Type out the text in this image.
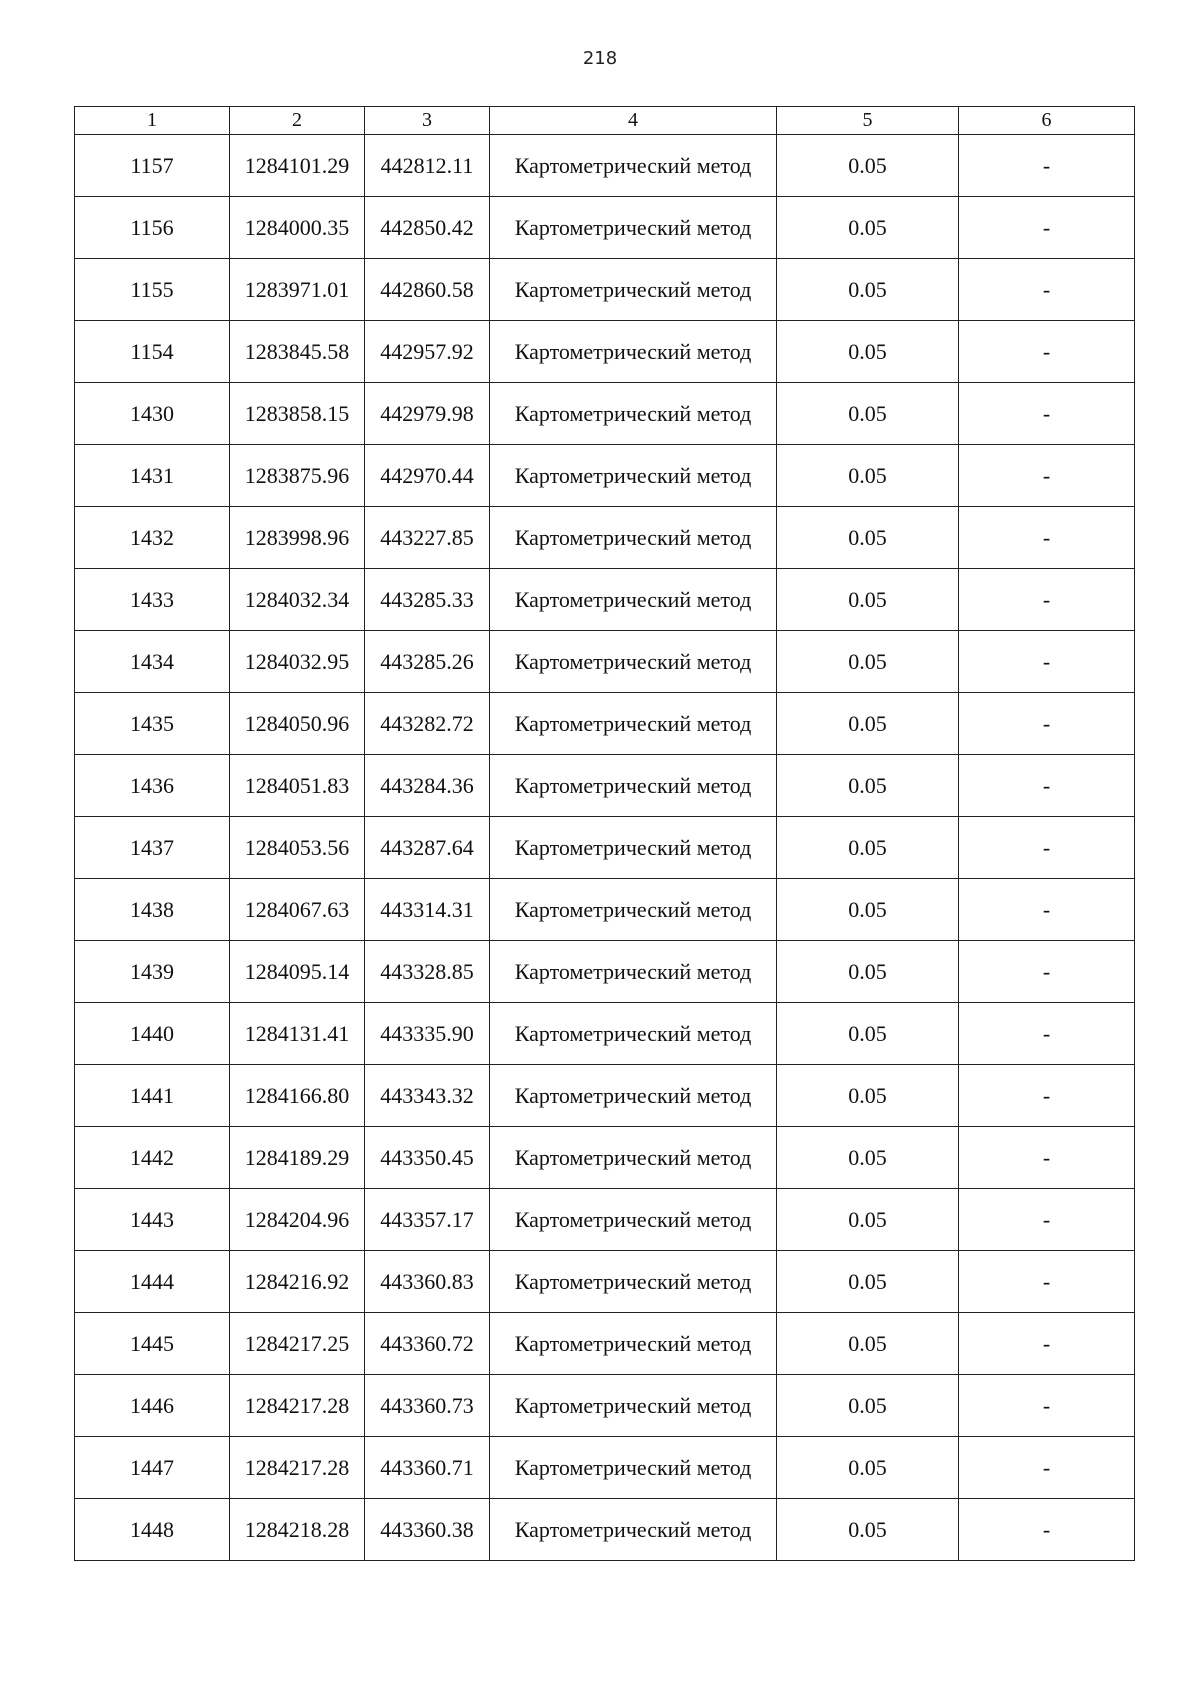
218
1	2	3	4	5	6
1157	1284101.29	442812.11	Картометрический метод	0.05	-
1156	1284000.35	442850.42	Картометрический метод	0.05	-
1155	1283971.01	442860.58	Картометрический метод	0.05	-
1154	1283845.58	442957.92	Картометрический метод	0.05	-
1430	1283858.15	442979.98	Картометрический метод	0.05	-
1431	1283875.96	442970.44	Картометрический метод	0.05	-
1432	1283998.96	443227.85	Картометрический метод	0.05	-
1433	1284032.34	443285.33	Картометрический метод	0.05	-
1434	1284032.95	443285.26	Картометрический метод	0.05	-
1435	1284050.96	443282.72	Картометрический метод	0.05	-
1436	1284051.83	443284.36	Картометрический метод	0.05	-
1437	1284053.56	443287.64	Картометрический метод	0.05	-
1438	1284067.63	443314.31	Картометрический метод	0.05	-
1439	1284095.14	443328.85	Картометрический метод	0.05	-
1440	1284131.41	443335.90	Картометрический метод	0.05	-
1441	1284166.80	443343.32	Картометрический метод	0.05	-
1442	1284189.29	443350.45	Картометрический метод	0.05	-
1443	1284204.96	443357.17	Картометрический метод	0.05	-
1444	1284216.92	443360.83	Картометрический метод	0.05	-
1445	1284217.25	443360.72	Картометрический метод	0.05	-
1446	1284217.28	443360.73	Картометрический метод	0.05	-
1447	1284217.28	443360.71	Картометрический метод	0.05	-
1448	1284218.28	443360.38	Картометрический метод	0.05	-
